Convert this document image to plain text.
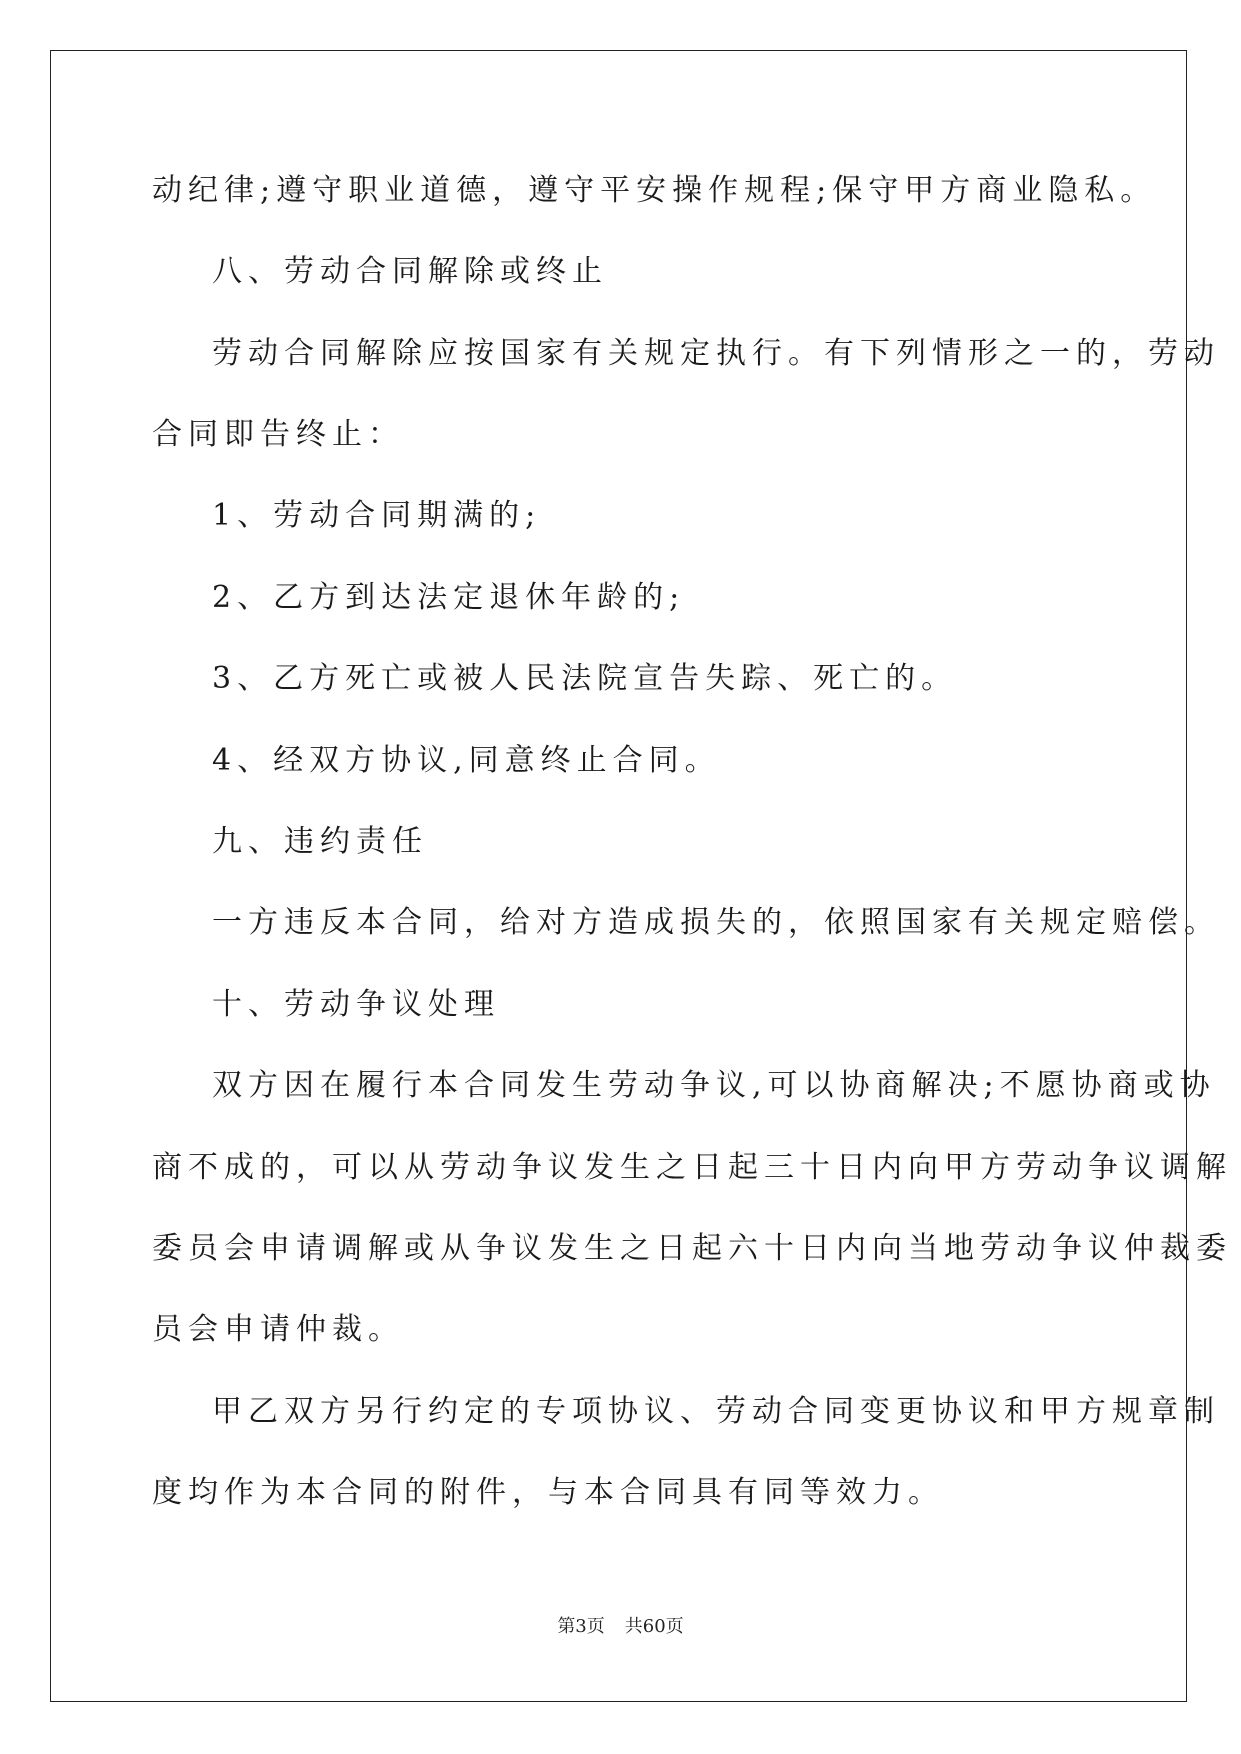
动纪律;遵守职业道德，遵守平安操作规程;保守甲方商业隐私。
八、劳动合同解除或终止
劳动合同解除应按国家有关规定执行。有下列情形之一的，劳动
合同即告终止：
1、劳动合同期满的;
2、乙方到达法定退休年龄的;
3、乙方死亡或被人民法院宣告失踪、死亡的。
4、经双方协议,同意终止合同。
九、违约责任
一方违反本合同，给对方造成损失的，依照国家有关规定赔偿。
十、劳动争议处理
双方因在履行本合同发生劳动争议,可以协商解决;不愿协商或协
商不成的，可以从劳动争议发生之日起三十日内向甲方劳动争议调解
委员会申请调解或从争议发生之日起六十日内向当地劳动争议仲裁委
员会申请仲裁。
甲乙双方另行约定的专项协议、劳动合同变更协议和甲方规章制
度均作为本合同的附件，与本合同具有同等效力。
第3页 共60页
